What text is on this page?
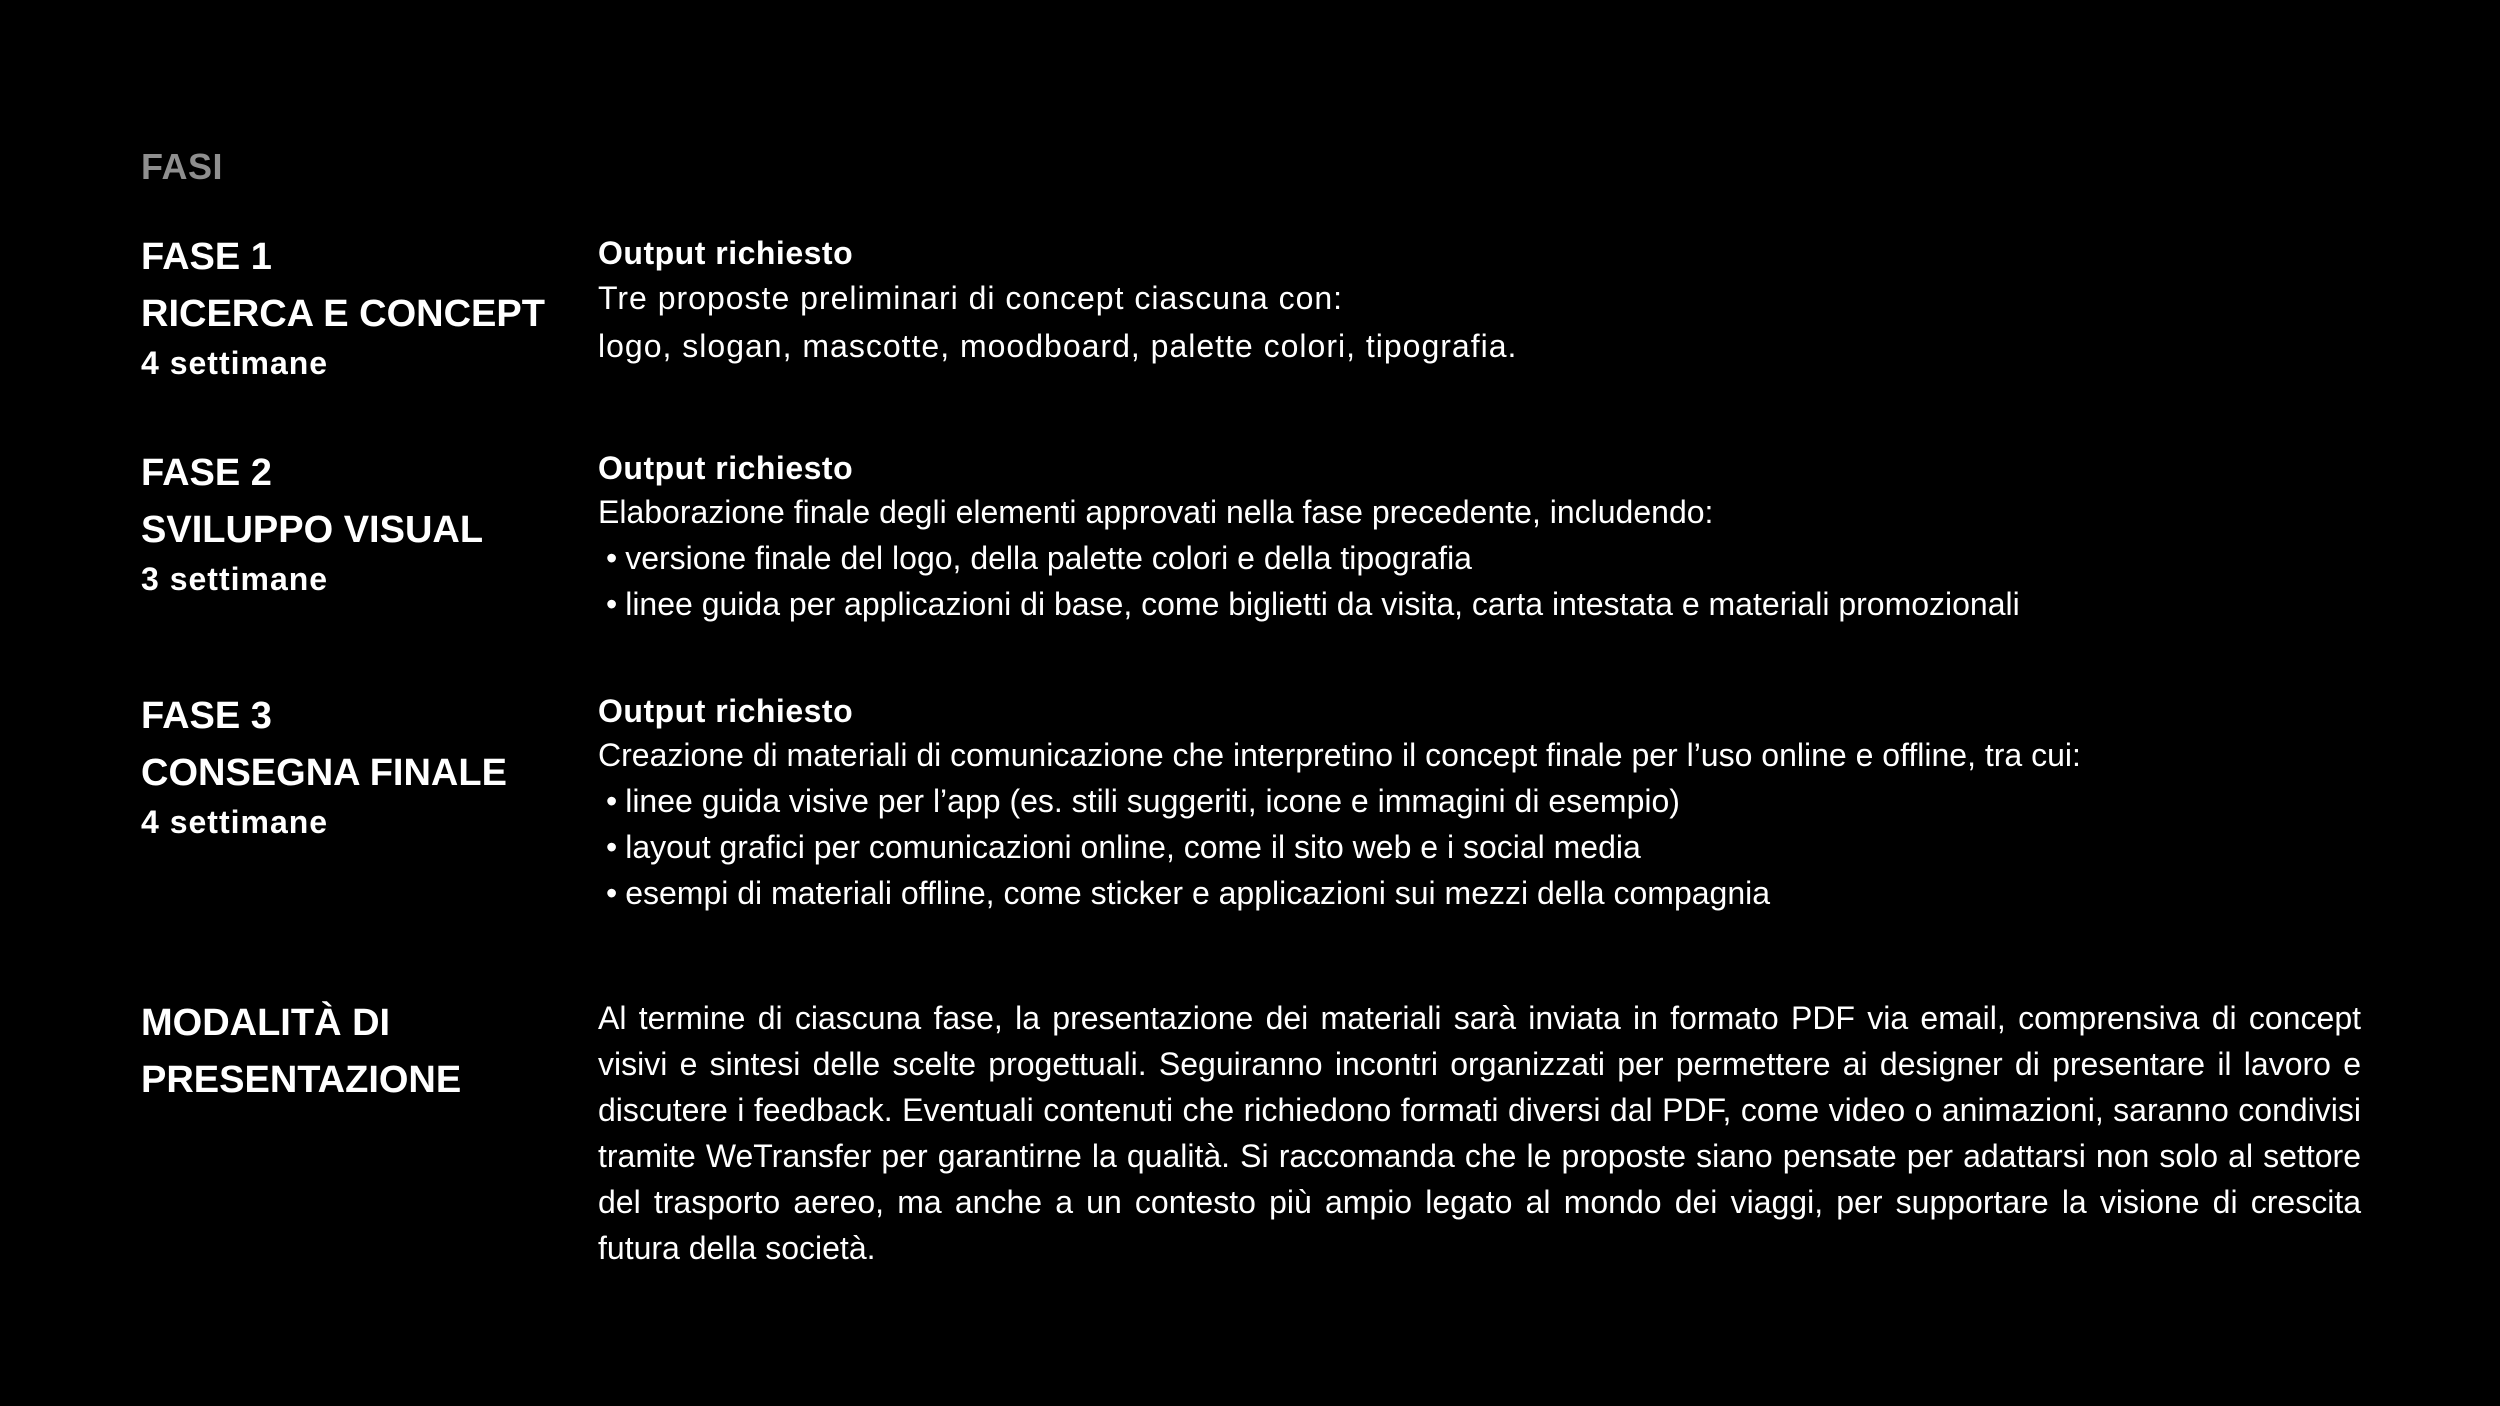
FASI
FASE 1
RICERCA E CONCEPT
4 settimane
Output richiesto
Tre proposte preliminari di concept ciascuna con:
logo, slogan, mascotte, moodboard, palette colori, tipografia.
FASE 2
SVILUPPO VISUAL
3 settimane
Output richiesto
Elaborazione finale degli elementi approvati nella fase precedente, includendo:
• versione finale del logo, della palette colori e della tipografia
• linee guida per applicazioni di base, come biglietti da visita, carta intestata e materiali promozionali
FASE 3
CONSEGNA FINALE
4 settimane
Output richiesto
Creazione di materiali di comunicazione che interpretino il concept finale per l’uso online e offline, tra cui:
• linee guida visive per l’app (es. stili suggeriti, icone e immagini di esempio)
• layout grafici per comunicazioni online, come il sito web e i social media
• esempi di materiali offline, come sticker e applicazioni sui mezzi della compagnia
MODALITÀ DI
PRESENTAZIONE
Al termine di ciascuna fase, la presentazione dei materiali sarà inviata in formato PDF via email, comprensiva di concept visivi e sintesi delle scelte progettuali. Seguiranno incontri organizzati per permettere ai designer di presentare il lavoro e discutere i feedback. Eventuali contenuti che richiedono formati diversi dal PDF, come video o animazioni, saranno condivisi tramite WeTransfer per garantirne la qualità. Si raccomanda che le proposte siano pensate per adattarsi non solo al settore del trasporto aereo, ma anche a un contesto più ampio legato al mondo dei viaggi, per supportare la visione di crescita futura della società.
